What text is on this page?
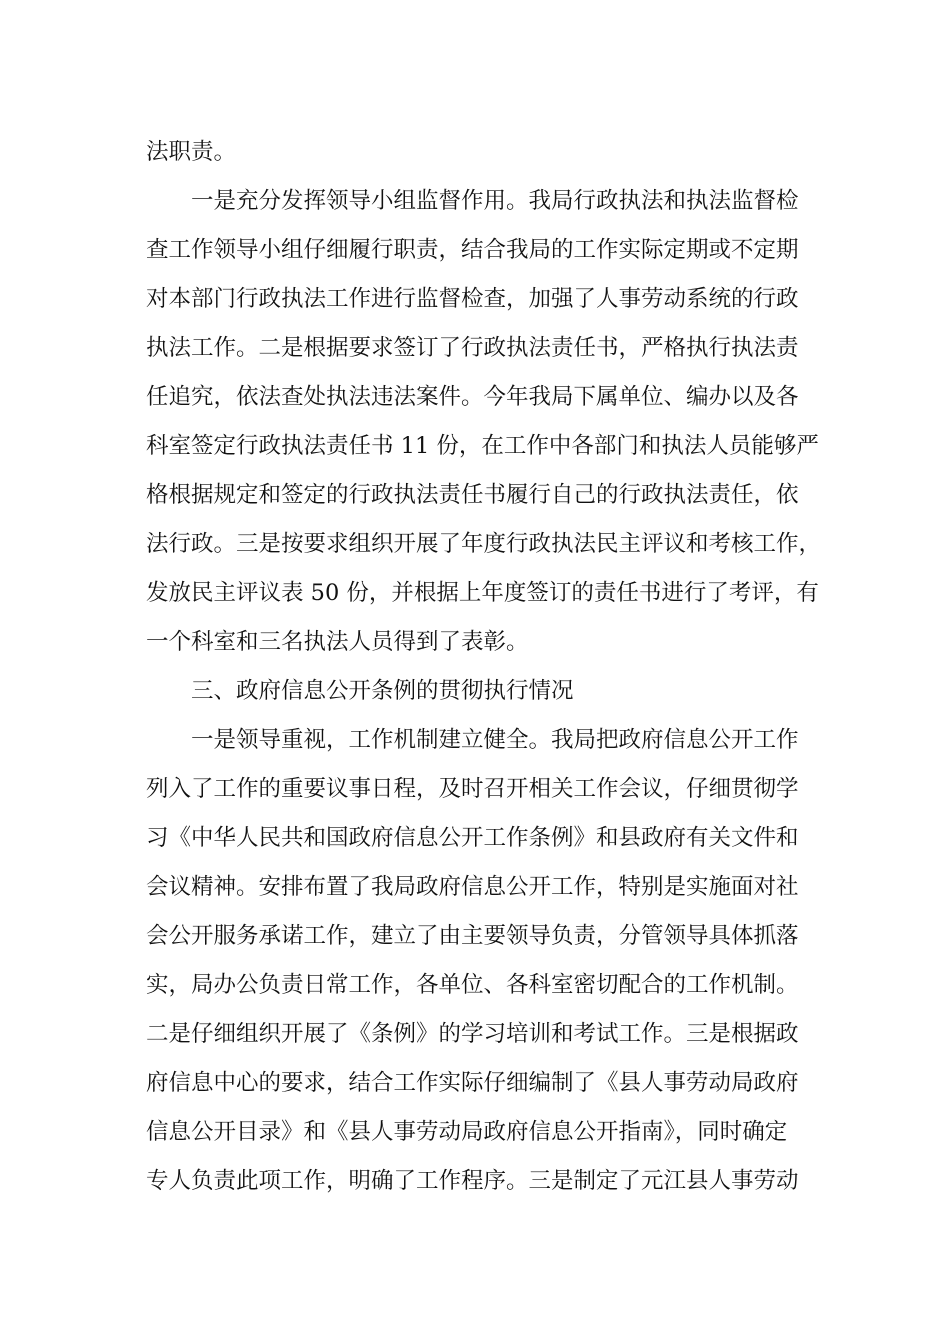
法职责。
一是充分发挥领导小组监督作用。我局行政执法和执法监督检
查工作领导小组仔细履行职责，结合我局的工作实际定期或不定期
对本部门行政执法工作进行监督检查，加强了人事劳动系统的行政
执法工作。二是根据要求签订了行政执法责任书，严格执行执法责
任追究，依法查处执法违法案件。今年我局下属单位、编办以及各
科室签定行政执法责任书 11 份，在工作中各部门和执法人员能够严
格根据规定和签定的行政执法责任书履行自己的行政执法责任，依
法行政。三是按要求组织开展了年度行政执法民主评议和考核工作，
发放民主评议表 50 份，并根据上年度签订的责任书进行了考评，有
一个科室和三名执法人员得到了表彰。
三、政府信息公开条例的贯彻执行情况
一是领导重视，工作机制建立健全。我局把政府信息公开工作
列入了工作的重要议事日程，及时召开相关工作会议，仔细贯彻学
习《中华人民共和国政府信息公开工作条例》和县政府有关文件和
会议精神。安排布置了我局政府信息公开工作，特别是实施面对社
会公开服务承诺工作，建立了由主要领导负责，分管领导具体抓落
实，局办公负责日常工作，各单位、各科室密切配合的工作机制。
二是仔细组织开展了《条例》的学习培训和考试工作。三是根据政
府信息中心的要求，结合工作实际仔细编制了《县人事劳动局政府
信息公开目录》和《县人事劳动局政府信息公开指南》，同时确定
专人负责此项工作，明确了工作程序。三是制定了元江县人事劳动
